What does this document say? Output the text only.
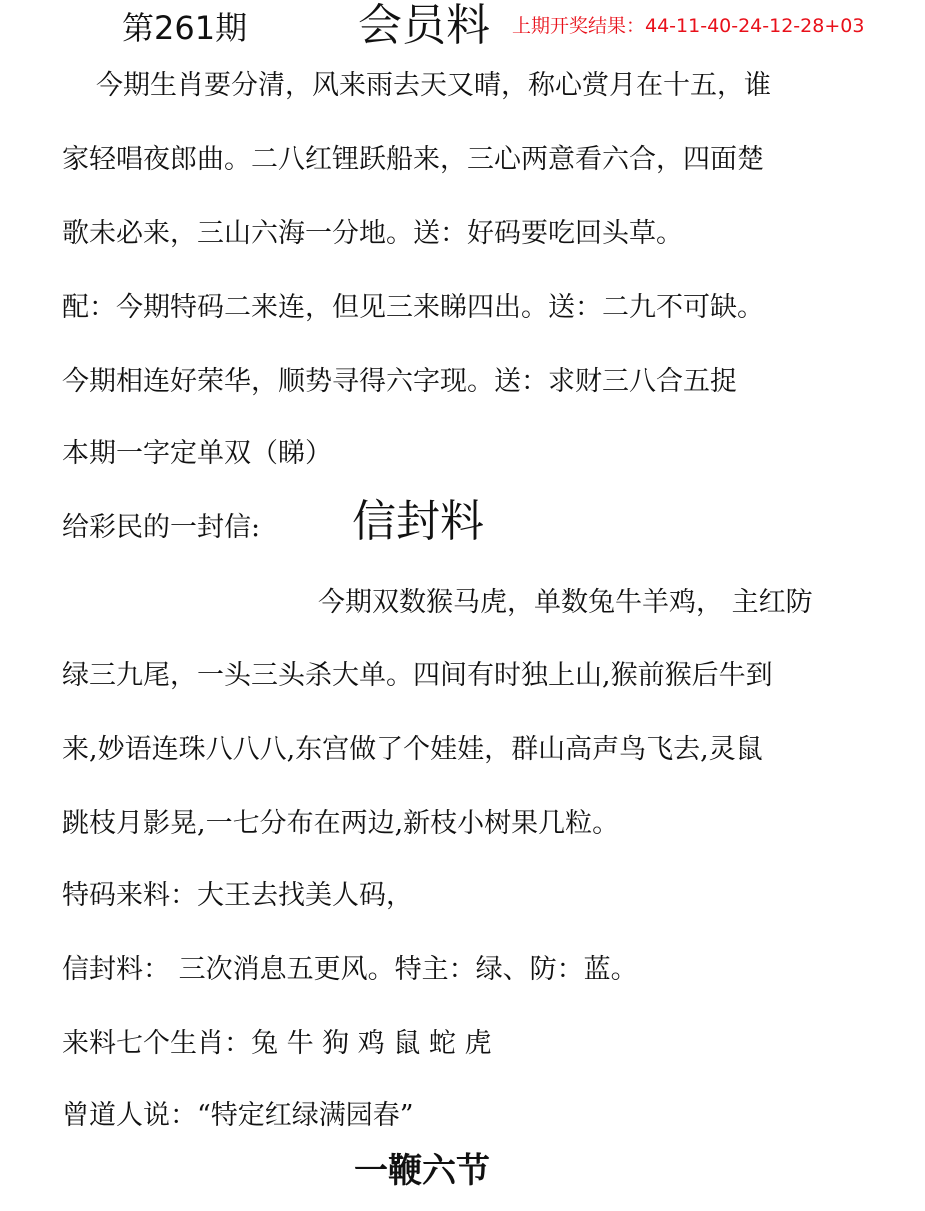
第261期	会员料 上期开奖结果：44-11-40-24-12-28+03
今期生肖要分清，风来雨去天又晴，称心赏月在十五，谁
家轻唱夜郎曲。二八红锂跃船来，三心两意看六合，四面楚
歌未必来，三山六海一分地。送：好码要吃回头草。
配：今期特码二来连，但见三来睇四出。送：二九不可缺。
今期相连好荣华，顺势寻得六字现。送：求财三八合五捉
本期一字定单双（睇）
给彩民的一封信: 信封料
今期双数猴马虎，单数兔牛羊鸡， 主红防
绿三九尾，一头三头杀大单。四间有时独上山,猴前猴后牛到
来,妙语连珠八八八,东宫做了个娃娃，群山高声鸟飞去,灵鼠
跳枝月影晃,一七分布在两边,新枝小树果几粒。
特码来料：大王去找美人码，
信封料： 三次消息五更风。特主：绿、防：蓝。
来料七个生肖：兔 牛 狗 鸡 鼠 蛇 虎
曾道人说：“特定红绿满园春”
一鞭六节
